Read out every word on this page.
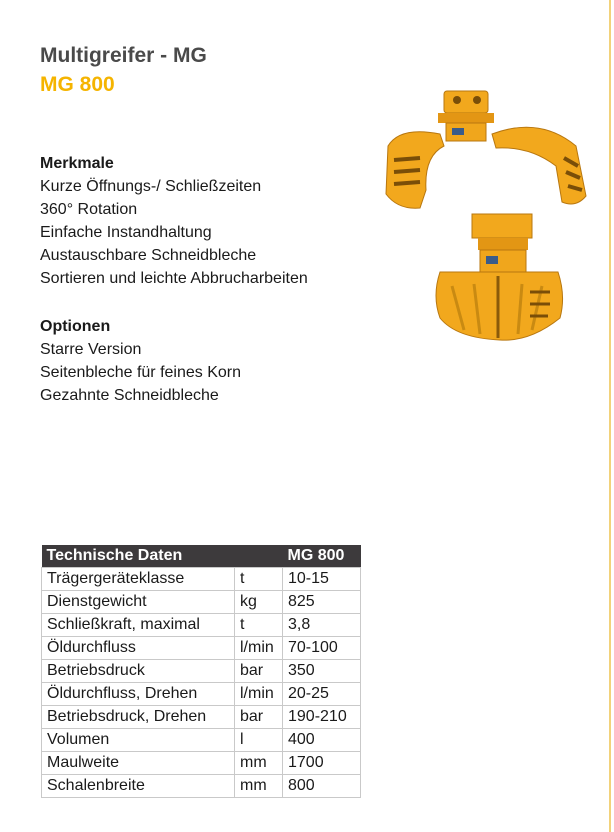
Multigreifer - MG
MG 800
Merkmale
Kurze Öffnungs-/ Schließzeiten
360° Rotation
Einfache Instandhaltung
Austauschbare Schneidbleche
Sortieren und leichte Abbrucharbeiten
Optionen
Starre Version
Seitenbleche für feines Korn
Gezahnte Schneidbleche
Technische Daten		MG 800
Trägergeräteklasse	t	10-15
Dienstgewicht	kg	825
Schließkraft, maximal	t	3,8
Öldurchfluss	l/min	70-100
Betriebsdruck	bar	350
Öldurchfluss, Drehen	l/min	20-25
Betriebsdruck, Drehen	bar	190-210
Volumen	l	400
Maulweite	mm	1700
Schalenbreite	mm	800
